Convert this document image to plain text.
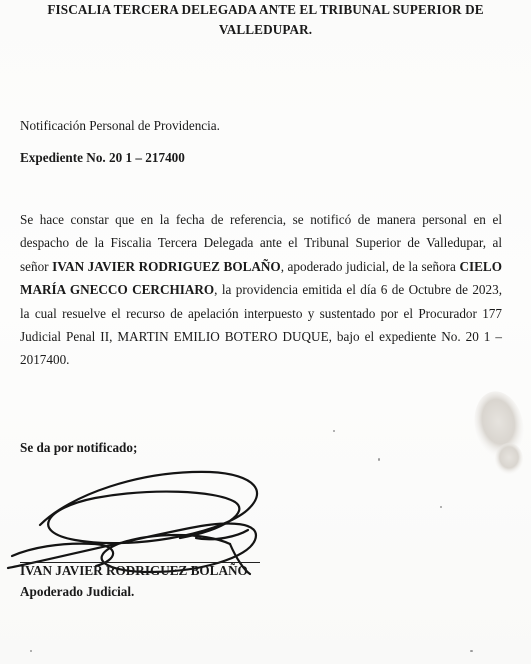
FISCALIA TERCERA DELEGADA ANTE EL TRIBUNAL SUPERIOR DE
VALLEDUPAR.
Notificación Personal de Providencia.
Expediente No. 20 1 – 217400
Se hace constar que en la fecha de referencia, se notificó de manera personal en el
despacho de la Fiscalia Tercera Delegada ante el Tribunal Superior de Valledupar, al
señor IVAN JAVIER RODRIGUEZ BOLAÑO, apoderado judicial, de la señora CIELO
MARÍA GNECCO CERCHIARO, la providencia emitida el día 6 de Octubre de 2023,
la cual resuelve el recurso de apelación interpuesto y sustentado por el Procurador 177
Judicial Penal II, MARTIN EMILIO BOTERO DUQUE, bajo el expediente No. 20 1 –
2017400.
Se da por notificado;
IVAN JAVIER RODRIGUEZ BOLAÑO
Apoderado Judicial.
